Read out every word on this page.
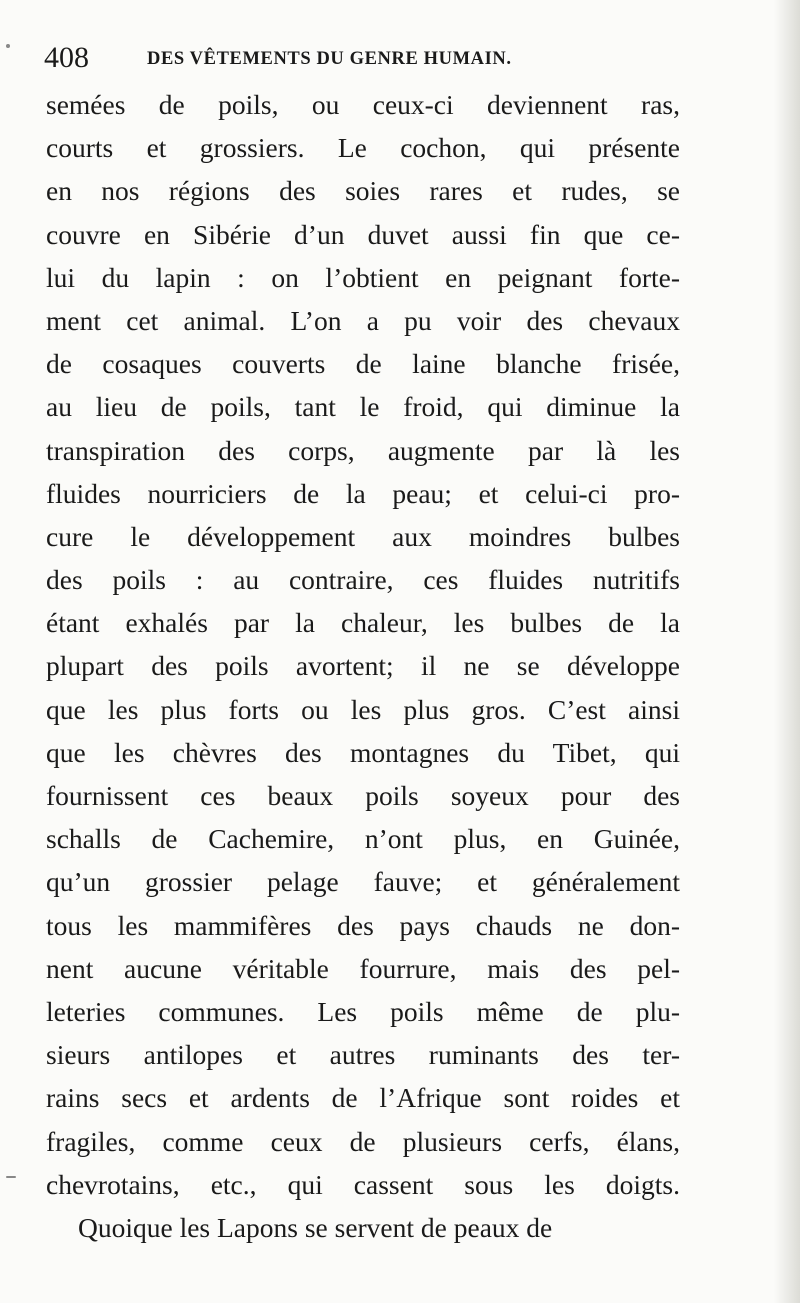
408	DES VÊTEMENTS DU GENRE HUMAIN.
semées de poils, ou ceux-ci deviennent ras,
courts et grossiers. Le cochon, qui présente
en nos régions des soies rares et rudes, se
couvre en Sibérie d’un duvet aussi fin que ce-
lui du lapin : on l’obtient en peignant forte-
ment cet animal. L’on a pu voir des chevaux
de cosaques couverts de laine blanche frisée,
au lieu de poils, tant le froid, qui diminue la
transpiration des corps, augmente par là les
fluides nourriciers de la peau; et celui-ci pro-
cure le développement aux moindres bulbes
des poils : au contraire, ces fluides nutritifs
étant exhalés par la chaleur, les bulbes de la
plupart des poils avortent; il ne se développe
que les plus forts ou les plus gros. C’est ainsi
que les chèvres des montagnes du Tibet, qui
fournissent ces beaux poils soyeux pour des
schalls de Cachemire, n’ont plus, en Guinée,
qu’un grossier pelage fauve; et généralement
tous les mammifères des pays chauds ne don-
nent aucune véritable fourrure, mais des pel-
leteries communes. Les poils même de plu-
sieurs antilopes et autres ruminants des ter-
rains secs et ardents de l’Afrique sont roides et
fragiles, comme ceux de plusieurs cerfs, élans,
chevrotains, etc., qui cassent sous les doigts.
Quoique les Lapons se servent de peaux de
